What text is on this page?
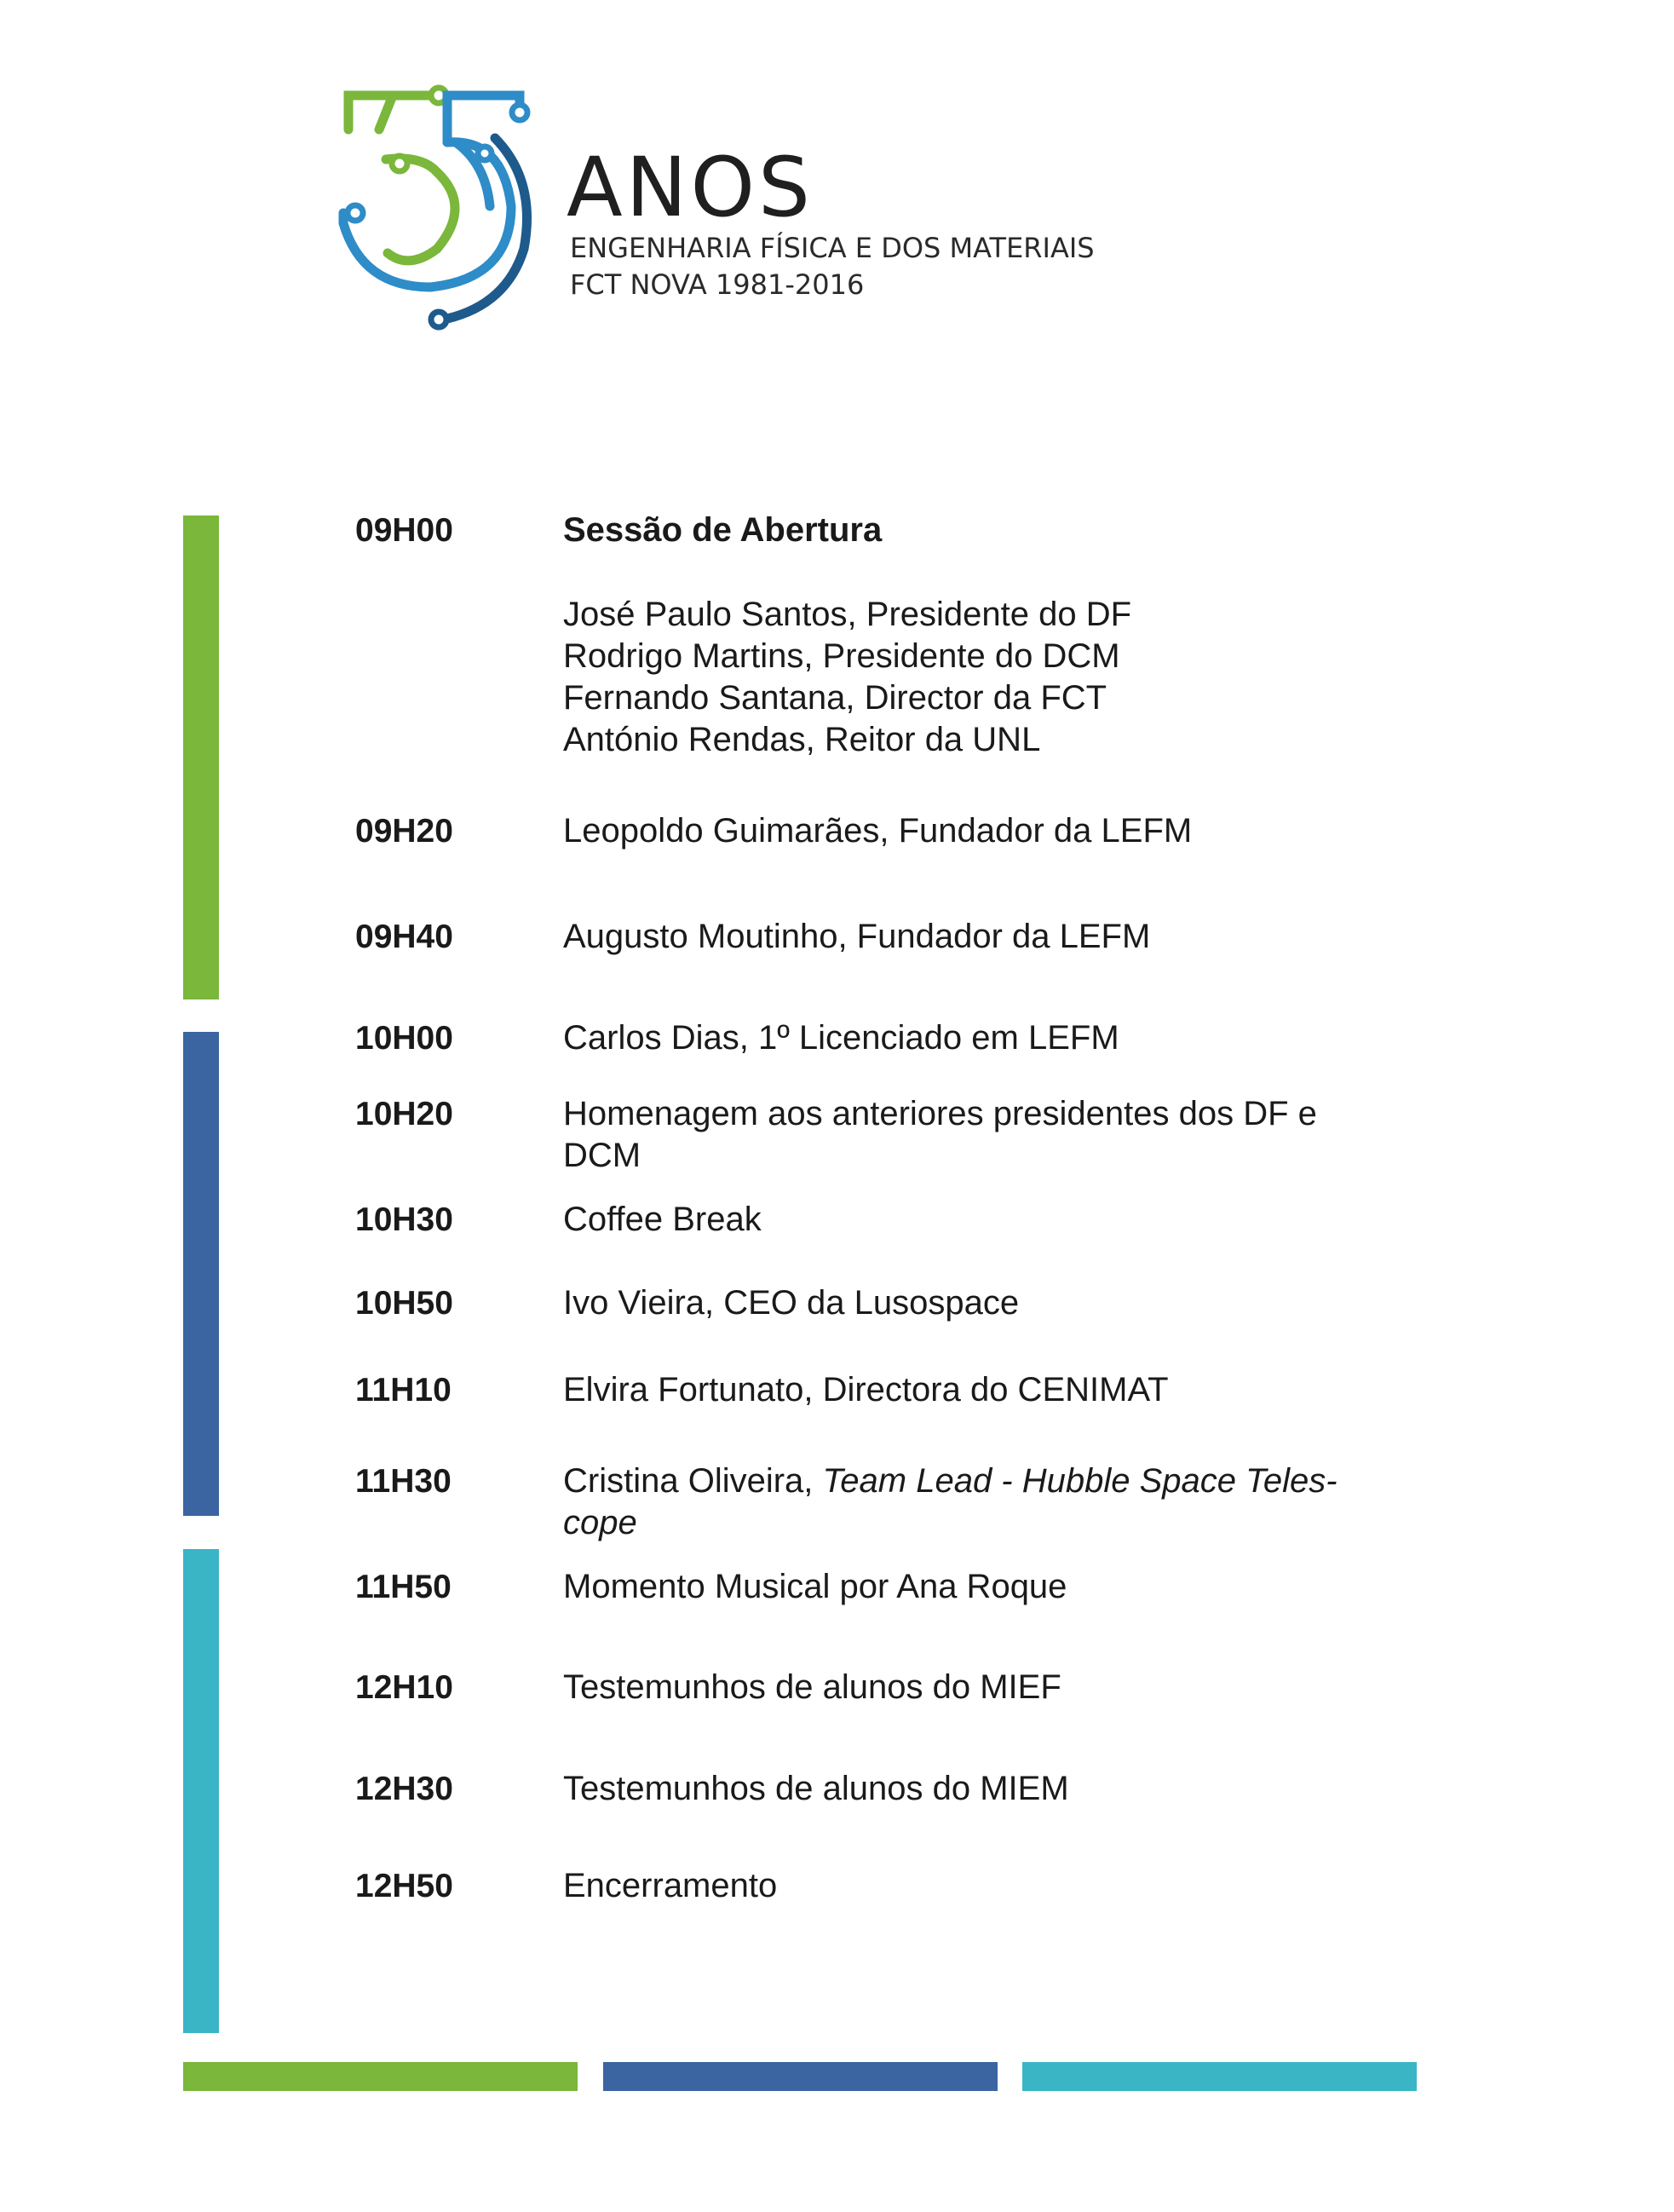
ANOS
ENGENHARIA FÍSICA E DOS MATERIAIS
FCT NOVA 1981-2016
09H00	Sessão de Abertura
José Paulo Santos, Presidente do DF
Rodrigo Martins, Presidente do DCM
Fernando Santana, Director da FCT
António Rendas, Reitor da UNL
09H20	Leopoldo Guimarães, Fundador da LEFM
09H40	Augusto Moutinho, Fundador da LEFM
10H00	Carlos Dias, 1º Licenciado em LEFM
10H20	Homenagem aos anteriores presidentes dos DF e
DCM
10H30	Coffee Break
10H50	Ivo Vieira, CEO da Lusospace
11H10	Elvira Fortunato, Directora do CENIMAT
11H30	Cristina Oliveira, Team Lead - Hubble Space Teles-
cope
11H50	Momento Musical por Ana Roque
12H10	Testemunhos de alunos do MIEF
12H30	Testemunhos de alunos do MIEM
12H50	Encerramento
